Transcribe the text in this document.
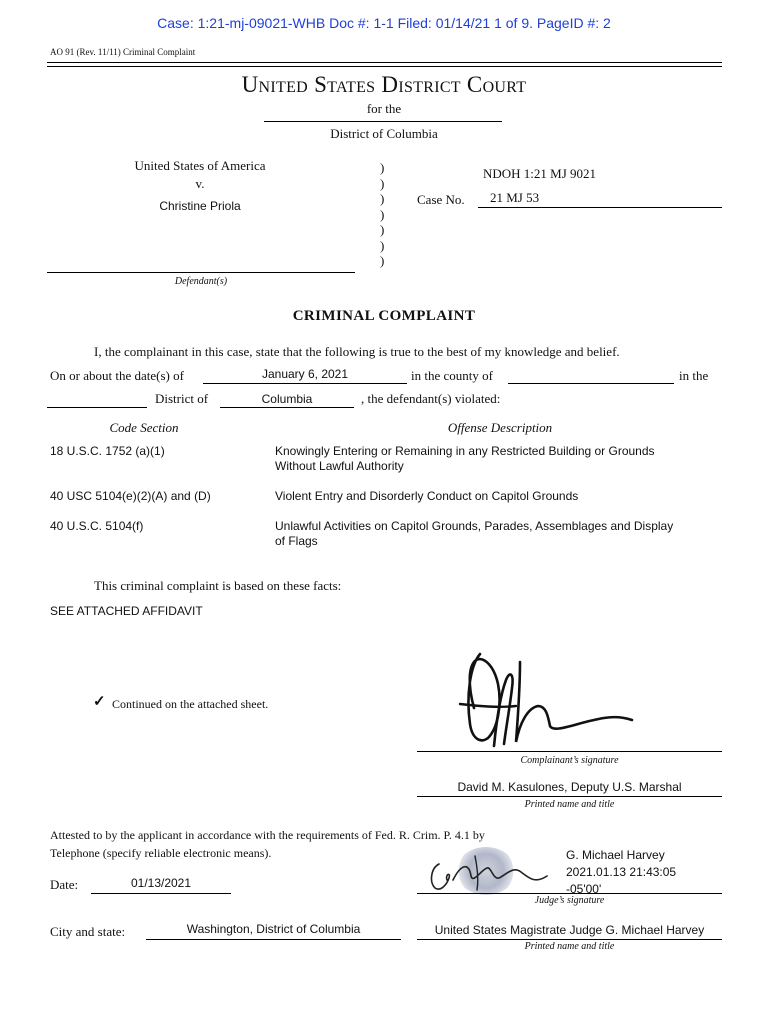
Case: 1:21-mj-09021-WHB Doc #: 1-1 Filed: 01/14/21 1 of 9. PageID #: 2
AO 91 (Rev. 11/11) Criminal Complaint
United States District Court
for the
District of Columbia
United States of America
v.
Christine Priola
Defendant(s)
)
)
)
)
)
)
)
Case No.
NDOH 1:21 MJ 9021
21 MJ 53
CRIMINAL COMPLAINT
I, the complainant in this case, state that the following is true to the best of my knowledge and belief.
On or about the date(s) of	January 6, 2021	in the county of	in the
District of	Columbia	, the defendant(s) violated:
Code Section	Offense Description
18 U.S.C. 1752 (a)(1)	Knowingly Entering or Remaining in any Restricted Building or Grounds
Without Lawful Authority
40 USC 5104(e)(2)(A) and (D)	Violent Entry and Disorderly Conduct on Capitol Grounds
40 U.S.C. 5104(f)	Unlawful Activities on Capitol Grounds, Parades, Assemblages and Display
of Flags
This criminal complaint is based on these facts:
SEE ATTACHED AFFIDAVIT
✓ Continued on the attached sheet.
Complainant’s signature
David M. Kasulones, Deputy U.S. Marshal
Printed name and title
Attested to by the applicant in accordance with the requirements of Fed. R. Crim. P. 4.1 by
Telephone (specify reliable electronic means).
Date:	01/13/2021
City and state:	Washington, District of Columbia
G. Michael Harvey
2021.01.13 21:43:05
-05'00'
Judge’s signature
United States Magistrate Judge G. Michael Harvey
Printed name and title
